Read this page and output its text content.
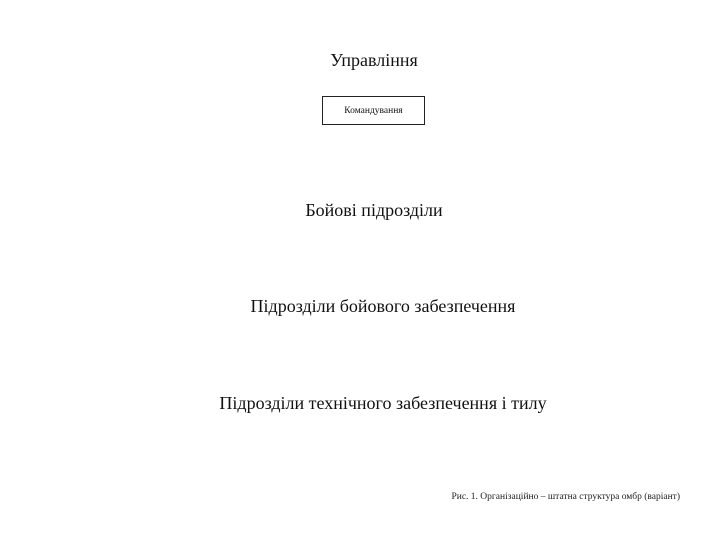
Управління
Командування
Бойові підрозділи
Підрозділи бойового забезпечення
Підрозділи технічного забезпечення і тилу
Рис. 1. Організаційно – штатна структура омбр (варіант)
